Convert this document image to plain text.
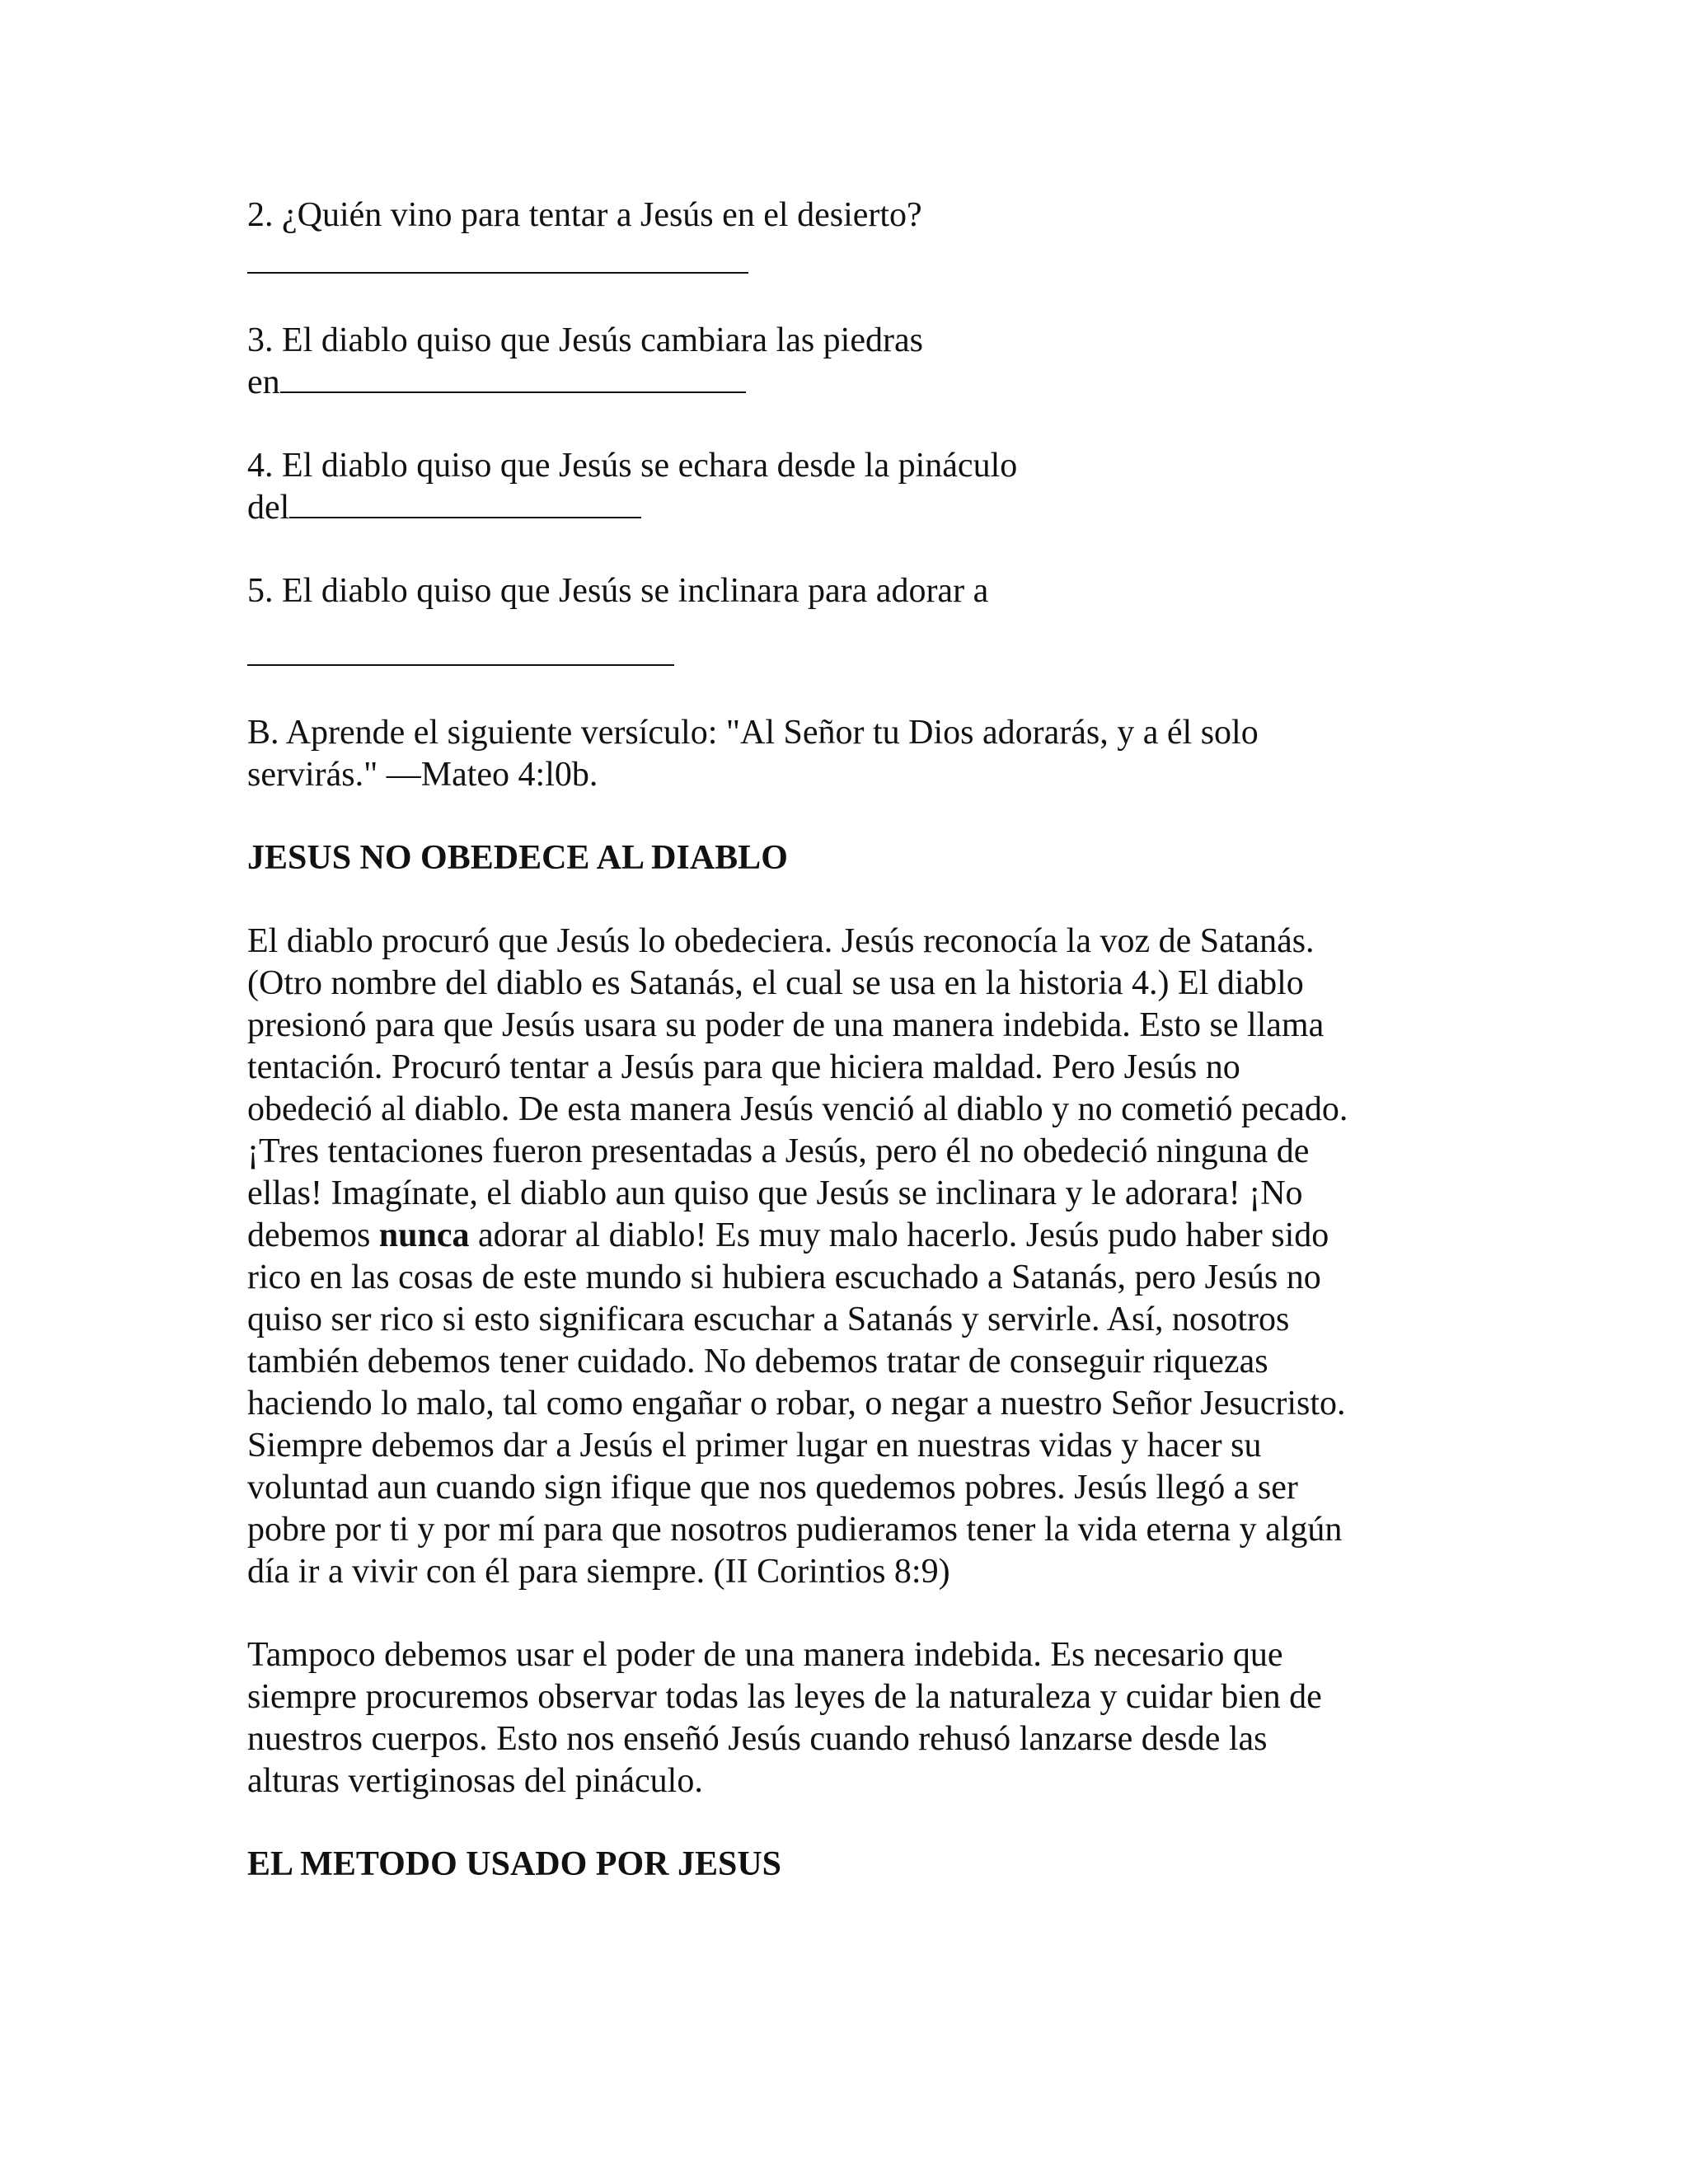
2. ¿Quién vino para tentar a Jesús en el desierto?
3. El diablo quiso que Jesús cambiara las piedras
en
4. El diablo quiso que Jesús se echara desde la pináculo
del
5. El diablo quiso que Jesús se inclinara para adorar a
B. Aprende el siguiente versículo: "Al Señor tu Dios adorarás, y a él solo
servirás." —Mateo 4:l0b.
JESUS NO OBEDECE AL DIABLO
El diablo procuró que Jesús lo obedeciera. Jesús reconocía la voz de Satanás.
(Otro nombre del diablo es Satanás, el cual se usa en la historia 4.) El diablo
presionó para que Jesús usara su poder de una manera indebida. Esto se llama
tentación. Procuró tentar a Jesús para que hiciera maldad. Pero Jesús no
obedeció al diablo. De esta manera Jesús venció al diablo y no cometió pecado.
¡Tres tentaciones fueron presentadas a Jesús, pero él no obedeció ninguna de
ellas! Imagínate, el diablo aun quiso que Jesús se inclinara y le adorara! ¡No
debemos nunca adorar al diablo! Es muy malo hacerlo. Jesús pudo haber sido
rico en las cosas de este mundo si hubiera escuchado a Satanás, pero Jesús no
quiso ser rico si esto significara escuchar a Satanás y servirle. Así, nosotros
también debemos tener cuidado. No debemos tratar de conseguir riquezas
haciendo lo malo, tal como engañar o robar, o negar a nuestro Señor Jesucristo.
Siempre debemos dar a Jesús el primer lugar en nuestras vidas y hacer su
voluntad aun cuando sign ifique que nos quedemos pobres. Jesús llegó a ser
pobre por ti y por mí para que nosotros pudieramos tener la vida eterna y algún
día ir a vivir con él para siempre. (II Corintios 8:9)
Tampoco debemos usar el poder de una manera indebida. Es necesario que
siempre procuremos observar todas las leyes de la naturaleza y cuidar bien de
nuestros cuerpos. Esto nos enseñó Jesús cuando rehusó lanzarse desde las
alturas vertiginosas del pináculo.
EL METODO USADO POR JESUS
